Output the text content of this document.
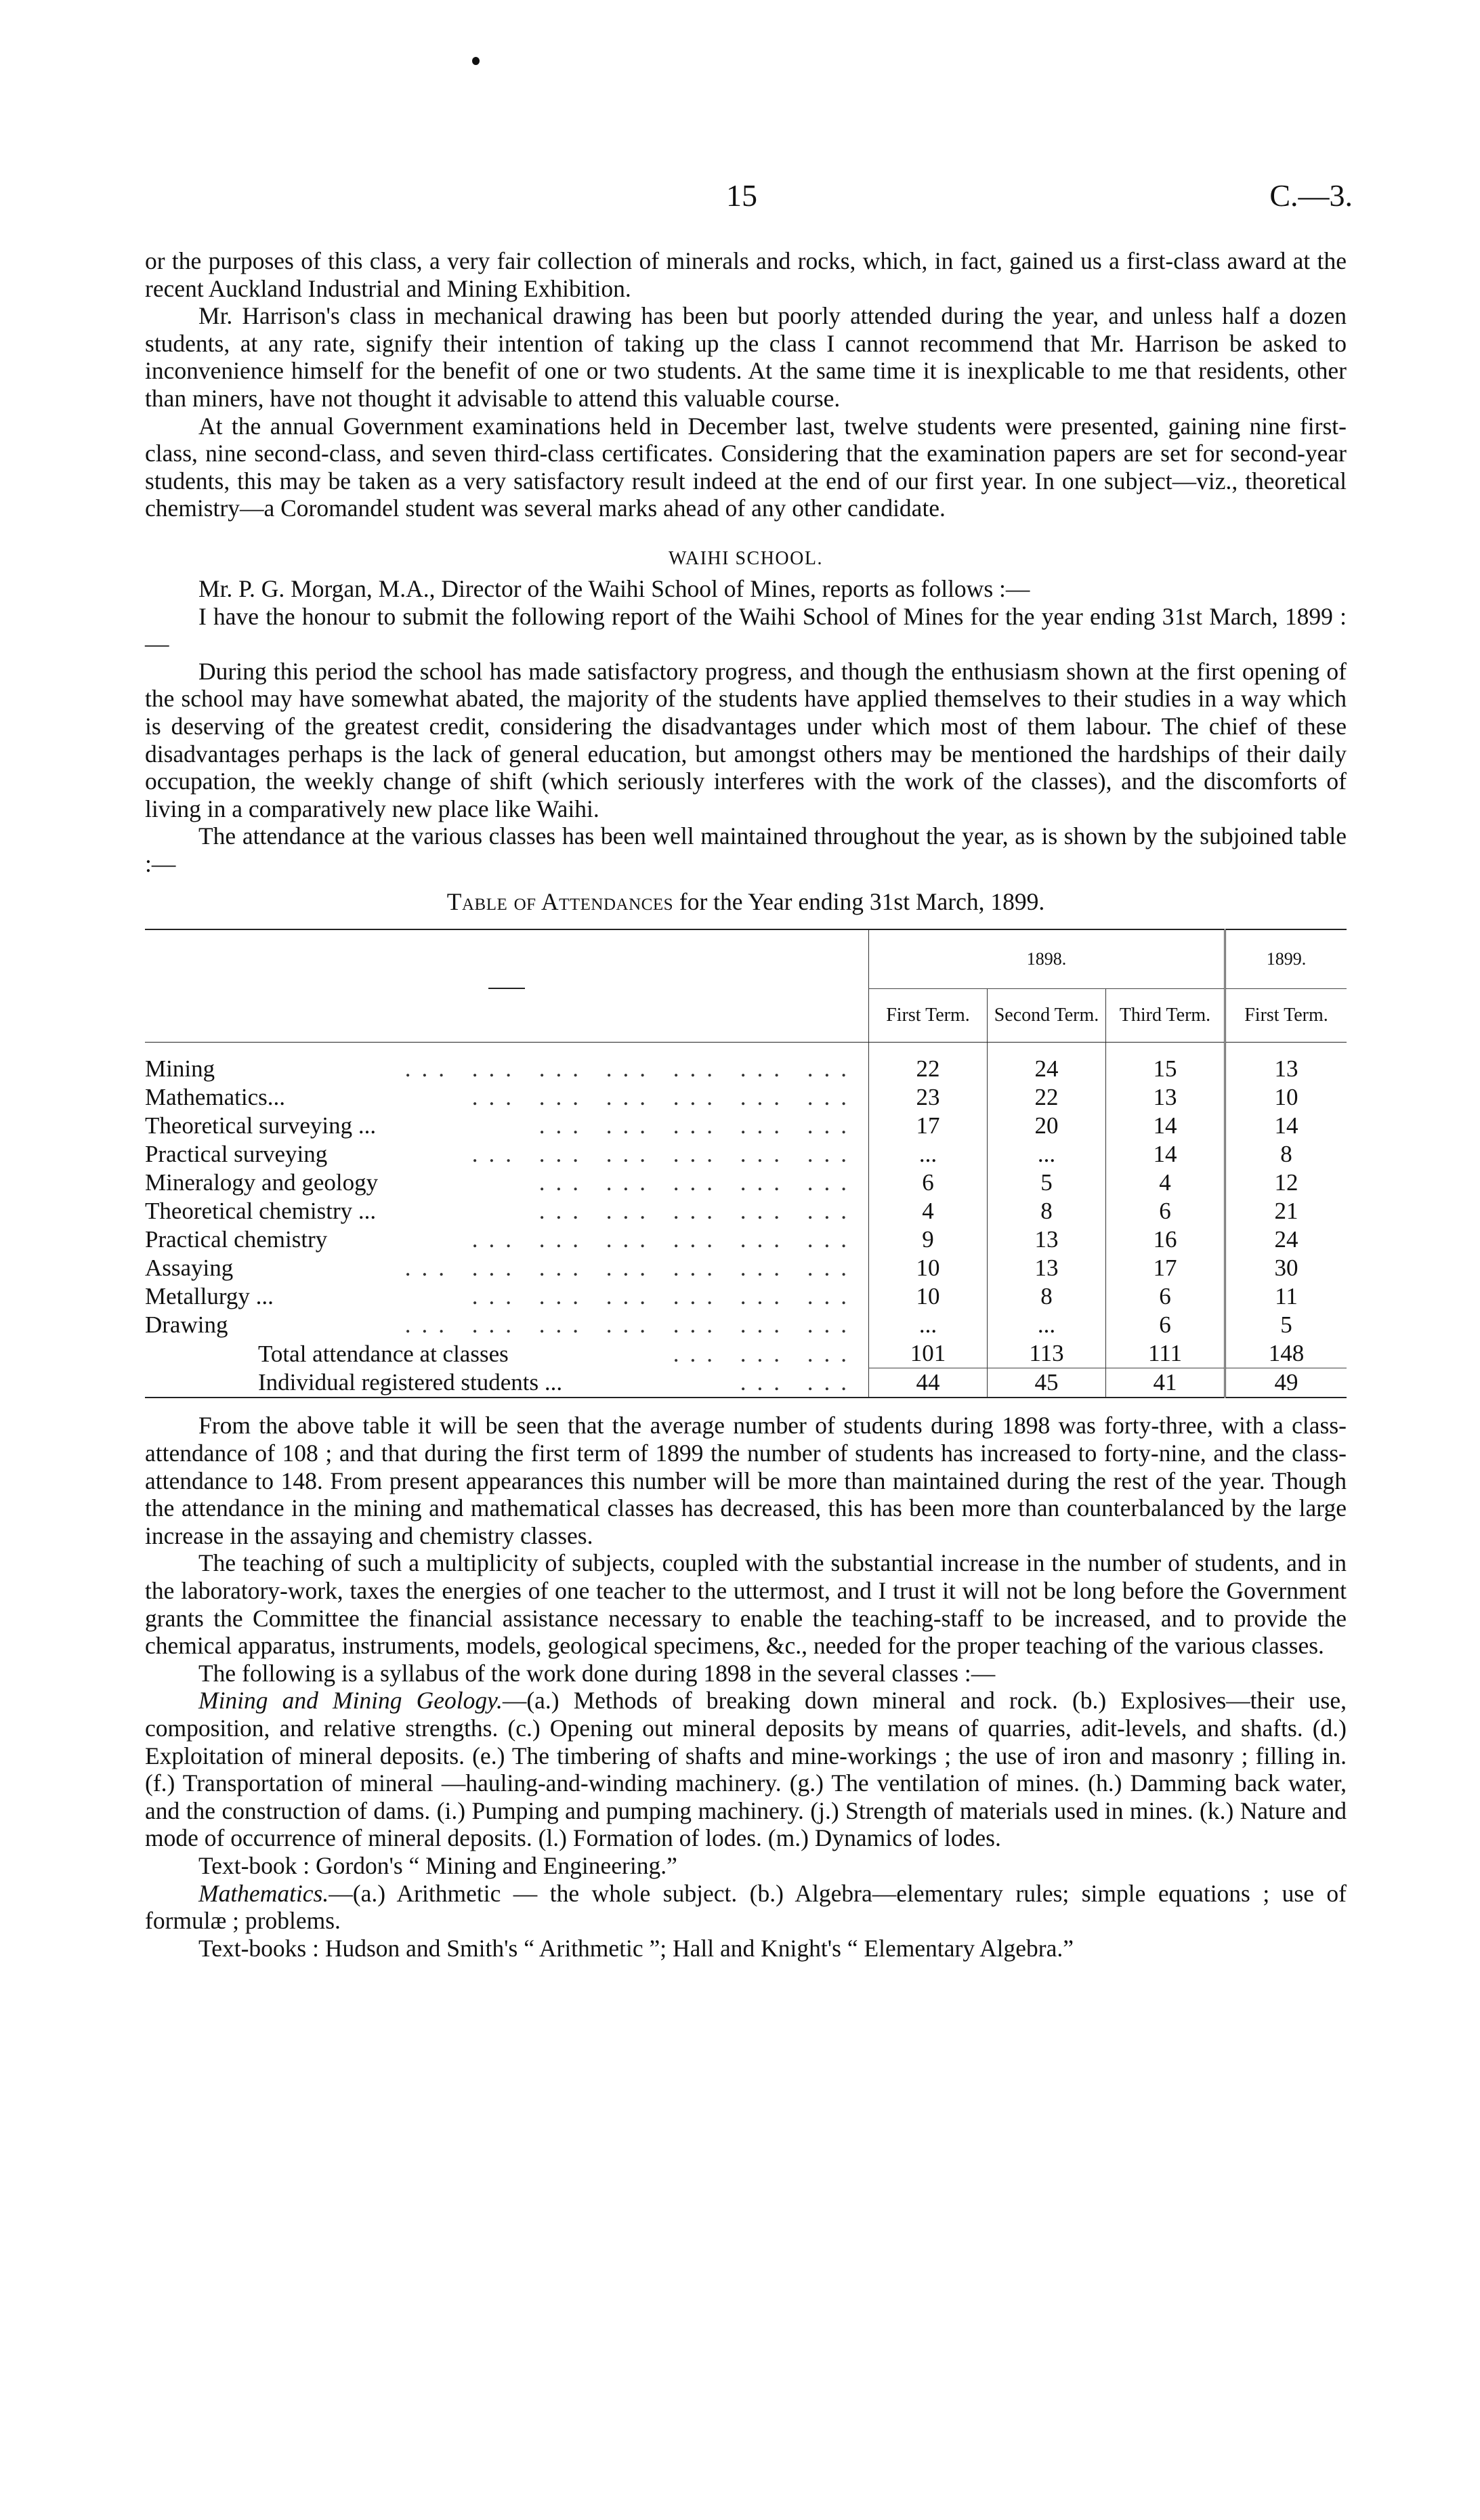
15	C.—3.

or the purposes of this class, a very fair collection of minerals and rocks, which, in fact, gained us a first-class award at the recent Auckland Industrial and Mining Exhibition.

Mr. Harrison's class in mechanical drawing has been but poorly attended during the year, and unless half a dozen students, at any rate, signify their intention of taking up the class I cannot recommend that Mr. Harrison be asked to inconvenience himself for the benefit of one or two students. At the same time it is inexplicable to me that residents, other than miners, have not thought it advisable to attend this valuable course.

At the annual Government examinations held in December last, twelve students were presented, gaining nine first-class, nine second-class, and seven third-class certificates. Considering that the examination papers are set for second-year students, this may be taken as a very satisfactory result indeed at the end of our first year. In one subject—viz., theoretical chemistry—a Coromandel student was several marks ahead of any other candidate.

WAIHI SCHOOL.

Mr. P. G. Morgan, M.A., Director of the Waihi School of Mines, reports as follows :—

I have the honour to submit the following report of the Waihi School of Mines for the year ending 31st March, 1899 :—

During this period the school has made satisfactory progress, and though the enthusiasm shown at the first opening of the school may have somewhat abated, the majority of the students have applied themselves to their studies in a way which is deserving of the greatest credit, considering the disadvantages under which most of them labour. The chief of these disadvantages perhaps is the lack of general education, but amongst others may be mentioned the hardships of their daily occupation, the weekly change of shift (which seriously interferes with the work of the classes), and the discomforts of living in a comparatively new place like Waihi.

The attendance at the various classes has been well maintained throughout the year, as is shown by the subjoined table :—

Table of Attendances for the Year ending 31st March, 1899.
	1898.			1899.
	First Term.	Second Term.	Third Term.	First Term.

Mining ... ... ... ... ... ... ...	22	24	15	13
Mathematics... ... ... ... ... ... ...	23	22	13	10
Theoretical surveying ... ... ... ... ... ...	17	20	14	14
Practical surveying ... ... ... ... ... ...	...	...	14	8
Mineralogy and geology ... ... ... ... ...	6	5	4	12
Theoretical chemistry ... ... ... ... ... ...	4	8	6	21
Practical chemistry ... ... ... ... ... ...	9	13	16	24
Assaying ... ... ... ... ... ... ...	10	13	17	30
Metallurgy ... ... ... ... ... ... ...	10	8	6	11
Drawing ... ... ... ... ... ... ...	...	...	6	5
Total attendance at classes ... ... ...	101	113	111	148
Individual registered students ... ... ...	44	45	41	49

From the above table it will be seen that the average number of students during 1898 was forty-three, with a class-attendance of 108 ; and that during the first term of 1899 the number of students has increased to forty-nine, and the class-attendance to 148. From present appearances this number will be more than maintained during the rest of the year. Though the attendance in the mining and mathematical classes has decreased, this has been more than counterbalanced by the large increase in the assaying and chemistry classes.

The teaching of such a multiplicity of subjects, coupled with the substantial increase in the number of students, and in the laboratory-work, taxes the energies of one teacher to the uttermost, and I trust it will not be long before the Government grants the Committee the financial assistance necessary to enable the teaching-staff to be increased, and to provide the chemical apparatus, instruments, models, geological specimens, &c., needed for the proper teaching of the various classes.

The following is a syllabus of the work done during 1898 in the several classes :—

Mining and Mining Geology.—(a.) Methods of breaking down mineral and rock. (b.) Explosives—their use, composition, and relative strengths. (c.) Opening out mineral deposits by means of quarries, adit-levels, and shafts. (d.) Exploitation of mineral deposits. (e.) The timbering of shafts and mine-workings ; the use of iron and masonry ; filling in. (f.) Transportation of mineral —hauling-and-winding machinery. (g.) The ventilation of mines. (h.) Damming back water, and the construction of dams. (i.) Pumping and pumping machinery. (j.) Strength of materials used in mines. (k.) Nature and mode of occurrence of mineral deposits. (l.) Formation of lodes. (m.) Dynamics of lodes.

Text-book : Gordon's “ Mining and Engineering.”

Mathematics.—(a.) Arithmetic — the whole subject. (b.) Algebra—elementary rules; simple equations ; use of formulæ ; problems.

Text-books : Hudson and Smith's “ Arithmetic ”; Hall and Knight's “ Elementary Algebra.”
